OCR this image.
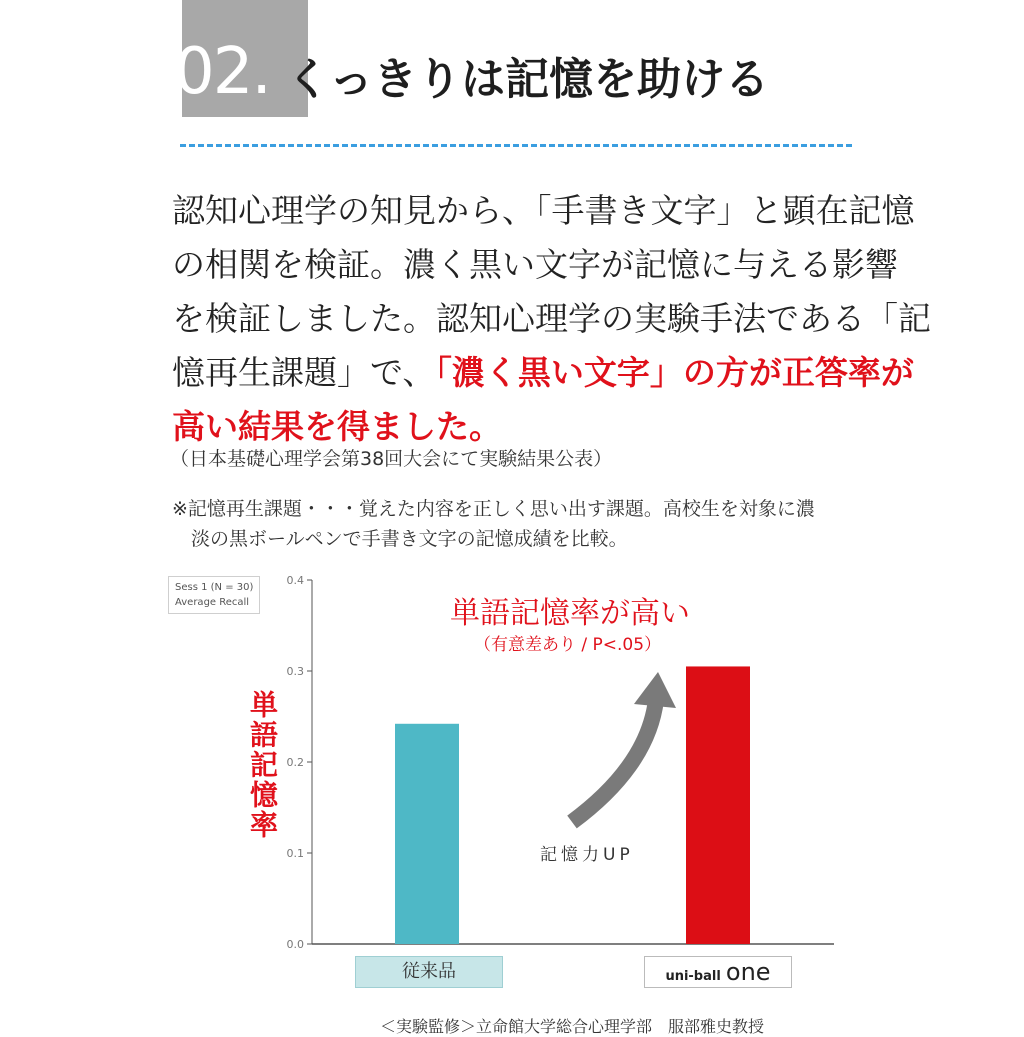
02. くっきりは記憶を助ける
認知心理学の知見から、「手書き文字」と顕在記憶
の相関を検証。濃く黒い文字が記憶に与える影響
を検証しました。認知心理学の実験手法である「記
憶再生課題」で、「濃く黒い文字」の方が正答率が
高い結果を得ました。
（日本基礎心理学会第38回大会にて実験結果公表）
※記憶再生課題・・・覚えた内容を正しく思い出す課題。高校生を対象に濃
淡の黒ボールペンで手書き文字の記憶成績を比較。
Sess 1 (N = 30)
Average Recall
単語記憶率
0.0
0.1
0.2
0.3
0.4
単語記憶率が高い
（有意差あり / P<.05）
記憶力UP
従来品	uni-ball one
＜実験監修＞立命館大学総合心理学部　服部雅史教授
